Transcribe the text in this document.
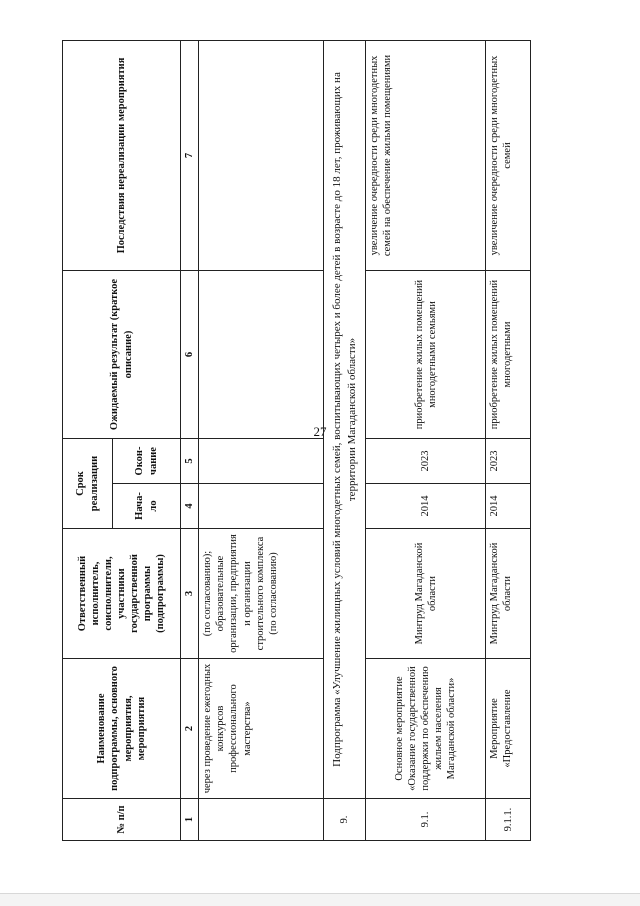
27
№ п/п	Наименование подпрограммы, основного мероприятия, мероприятия	Ответственный исполнитель, соисполнители, участники государственной программы (подпрограммы)	Срок реализации		Ожидаемый результат (краткое описание)	Последствия нереализации мероприятия
			Нача-ло	Окон-чание		
1	2	3	4	5	6	7
	через проведение ежегодных конкурсов профессионального мастерства»	(по согласованию); образовательные организации, предприятия и организации строительного комплекса (по согласованию)				
9.	Подпрограмма «Улучшение жилищных условий многодетных семей, воспитывающих четырех и более детей в возрасте до 18 лет, проживающих на территории Магаданской области»					
9.1.	Основное мероприятие «Оказание государственной поддержки по обеспечению жильем населения Магаданской области»	Минтруд Магаданской области	2014	2023	приобретение жилых помещений многодетными семьями	увеличение очередности среди многодетных семей на обеспечение жильми помещениями
9.1.1.	Мероприятие «Предоставление	Минтруд Магаданской области	2014	2023	приобретение жилых помещений многодетными	увеличение очередности среди многодетных семей
